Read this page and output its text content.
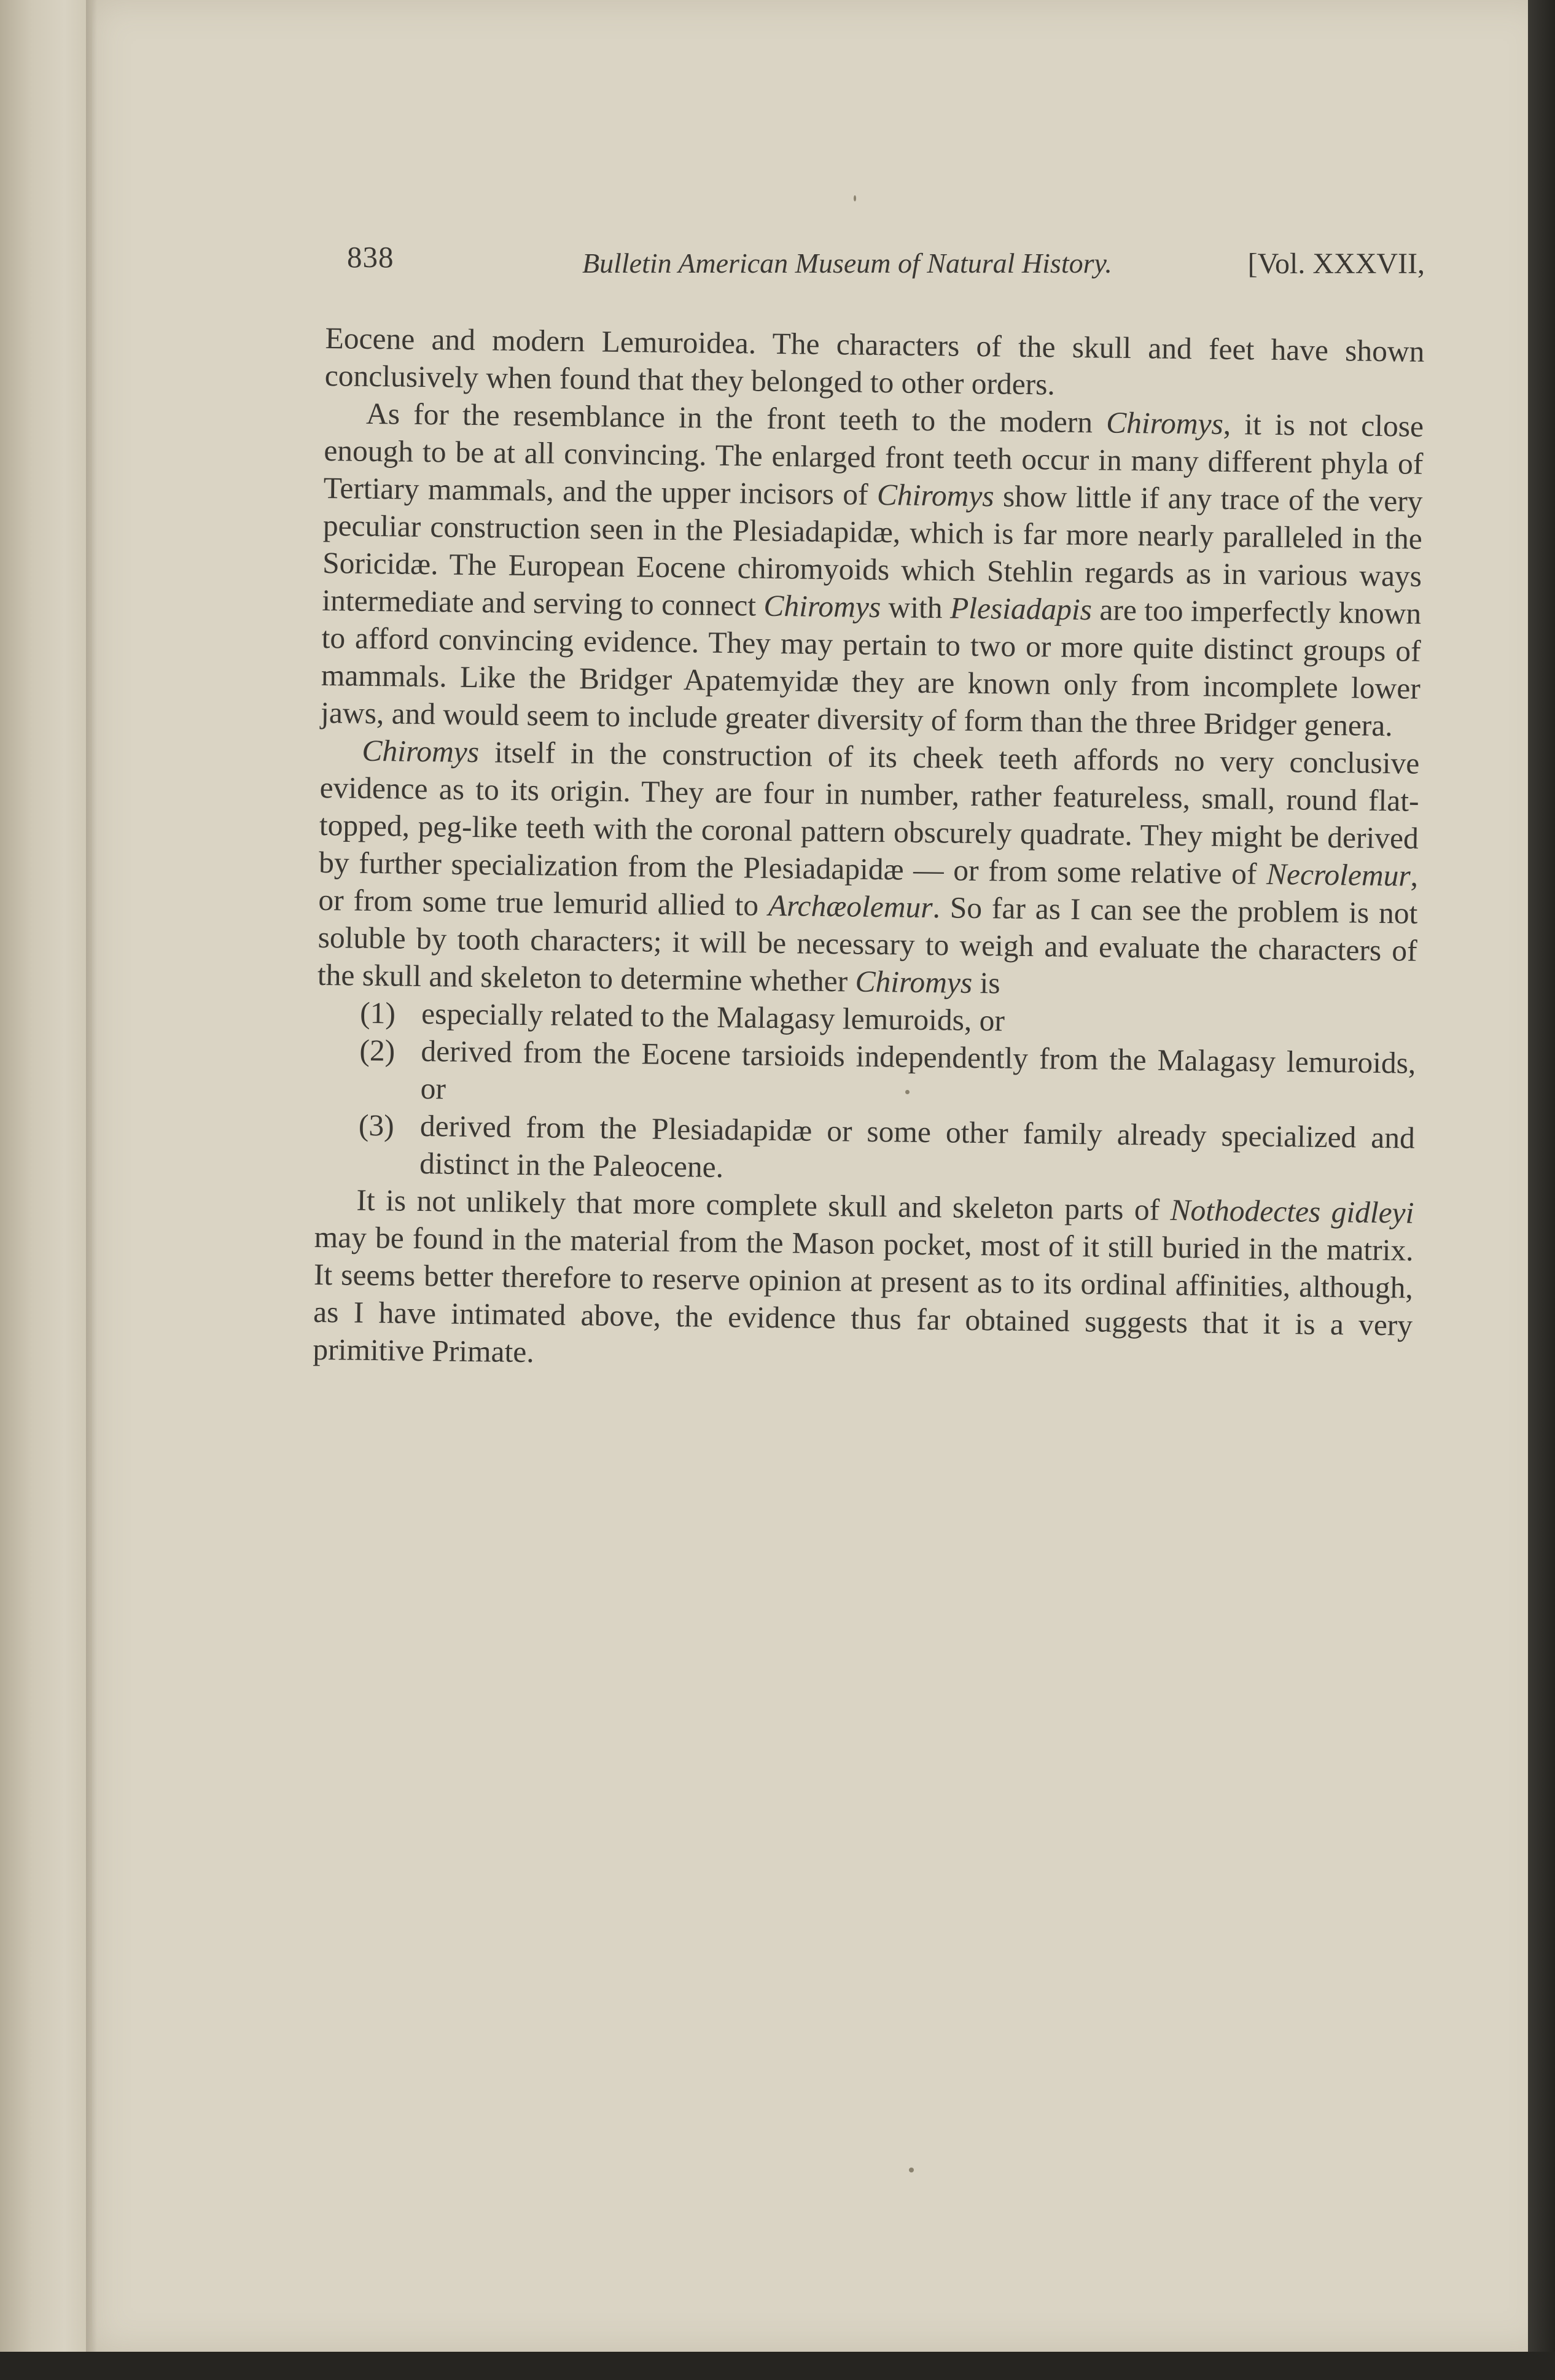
838	Bulletin American Museum of Natural History.	[Vol. XXXVII,

Eocene and modern Lemuroidea. The characters of the skull and feet have shown conclusively when found that they belonged to other orders.

As for the resemblance in the front teeth to the modern Chiromys, it is not close enough to be at all convincing. The enlarged front teeth occur in many different phyla of Tertiary mammals, and the upper incisors of Chiromys show little if any trace of the very peculiar construction seen in the Plesiadapidæ, which is far more nearly paralleled in the Soricidæ. The European Eocene chiromyoids which Stehlin regards as in various ways intermediate and serving to connect Chiromys with Plesiadapis are too imperfectly known to afford convincing evidence. They may pertain to two or more quite distinct groups of mammals. Like the Bridger Apatemyidæ they are known only from incomplete lower jaws, and would seem to include greater diversity of form than the three Bridger genera.

Chiromys itself in the construction of its cheek teeth affords no very conclusive evidence as to its origin. They are four in number, rather featureless, small, round flat-topped, peg-like teeth with the coronal pattern obscurely quadrate. They might be derived by further specialization from the Plesiadapidæ — or from some relative of Necrolemur, or from some true lemurid allied to Archæolemur. So far as I can see the problem is not soluble by tooth characters; it will be necessary to weigh and evaluate the characters of the skull and skeleton to determine whether Chiromys is

(1) especially related to the Malagasy lemuroids, or
(2) derived from the Eocene tarsioids independently from the Malagasy lemuroids, or
(3) derived from the Plesiadapidæ or some other family already specialized and distinct in the Paleocene.

It is not unlikely that more complete skull and skeleton parts of Nothodectes gidleyi may be found in the material from the Mason pocket, most of it still buried in the matrix. It seems better therefore to reserve opinion at present as to its ordinal affinities, although, as I have intimated above, the evidence thus far obtained suggests that it is a very primitive Primate.
